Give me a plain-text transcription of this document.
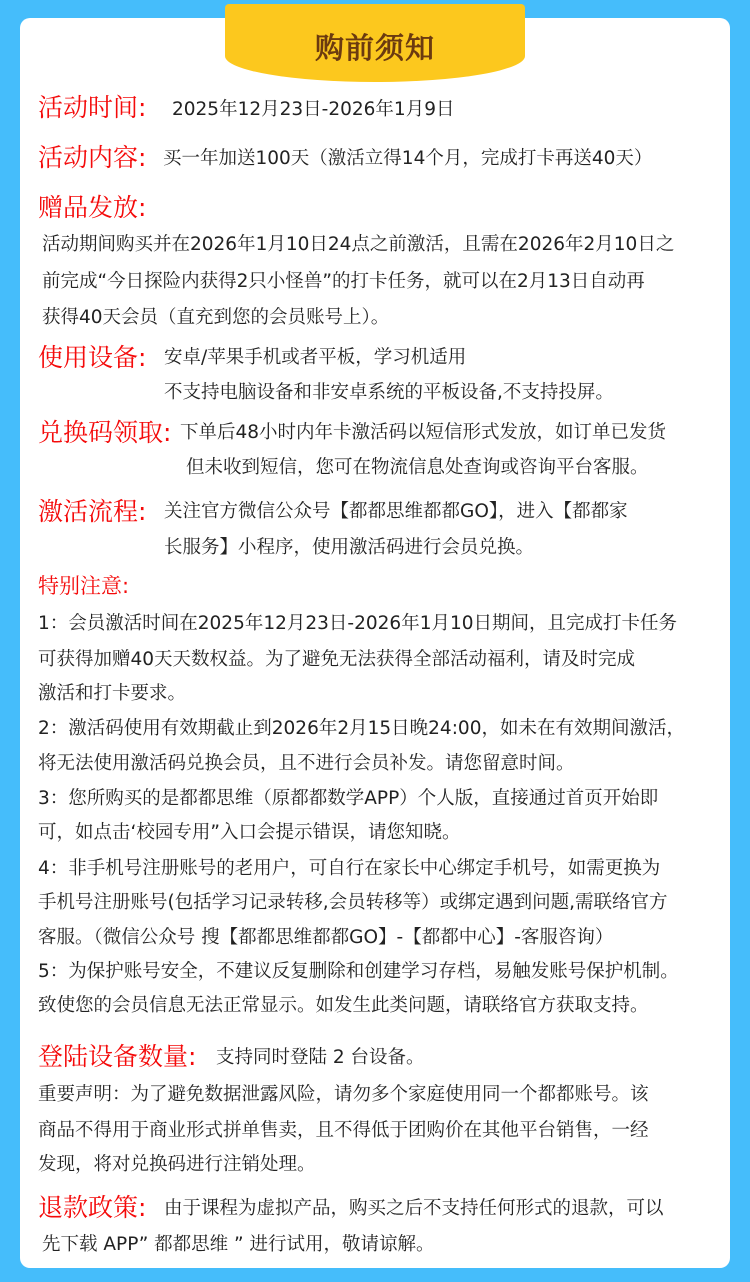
购前须知
活动时间: 2025年12月23日-2026年1月9日
活动内容: 买一年加送100天（激活立得14个月，完成打卡再送40天）
赠品发放:
活动期间购买并在2026年1月10日24点之前激活，且需在2026年2月10日之
前完成“今日探险内获得2只小怪兽”的打卡任务，就可以在2月13日自动再
获得40天会员（直充到您的会员账号上）。
使用设备: 安卓/苹果手机或者平板，学习机适用
不支持电脑设备和非安卓系统的平板设备,不支持投屏。
兑换码领取: 下单后48小时内年卡激活码以短信形式发放，如订单已发货
但未收到短信，您可在物流信息处查询或咨询平台客服。
激活流程: 关注官方微信公众号【都都思维都都GO】，进入【都都家
长服务】小程序，使用激活码进行会员兑换。
特别注意:
1：会员激活时间在2025年12月23日-2026年1月10日期间，且完成打卡任务
可获得加赠40天天数权益。为了避免无法获得全部活动福利，请及时完成
激活和打卡要求。
2：激活码使用有效期截止到2026年2月15日晚24:00，如未在有效期间激活，
将无法使用激活码兑换会员，且不进行会员补发。请您留意时间。
3：您所购买的是都都思维（原都都数学APP）个人版，直接通过首页开始即
可，如点击‘校园专用”入口会提示错误，请您知晓。
4：非手机号注册账号的老用户，可自行在家长中心绑定手机号，如需更换为
手机号注册账号(包括学习记录转移,会员转移等）或绑定遇到问题,需联络官方
客服。（微信公众号 搜【都都思维都都GO】-【都都中心】-客服咨询）
5：为保护账号安全，不建议反复删除和创建学习存档，易触发账号保护机制。
致使您的会员信息无法正常显示。如发生此类问题，请联络官方获取支持。
登陆设备数量: 支持同时登陆 2 台设备。
重要声明：为了避免数据泄露风险，请勿多个家庭使用同一个都都账号。该
商品不得用于商业形式拼单售卖，且不得低于团购价在其他平台销售，一经
发现，将对兑换码进行注销处理。
退款政策: 由于课程为虚拟产品，购买之后不支持任何形式的退款，可以
先下载 APP” 都都思维 ” 进行试用，敬请谅解。
